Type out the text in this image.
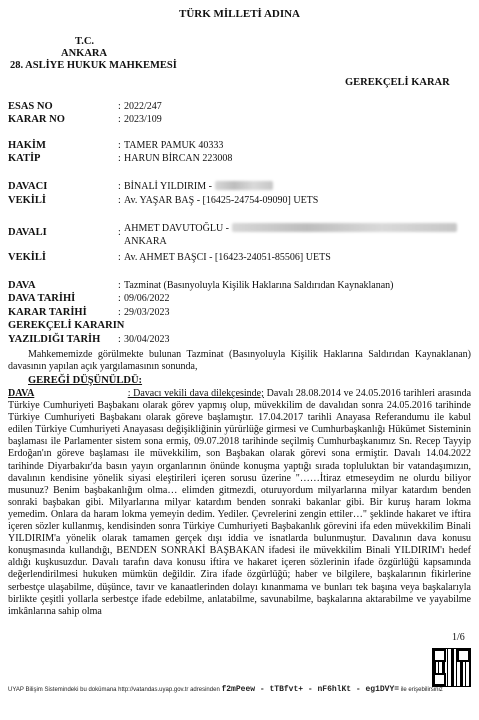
TÜRK MİLLETİ ADINA
T.C.
ANKARA
28. ASLİYE HUKUK MAHKEMESİ
GEREKÇELİ KARAR
ESAS NO	: 2022/247
KARAR NO	: 2023/109
HAKİM	: TAMER PAMUK 40333
KATİP	: HARUN BİRCAN 223008
DAVACI	: BİNALİ YILDIRIM -
VEKİLİ	: Av. YAŞAR BAŞ - [16425-24754-09090] UETS
DAVALI	: AHMET DAVUTOĞLU -
ANKARA
VEKİLİ	: Av. AHMET BAŞCI - [16423-24051-85506] UETS
DAVA	: Tazminat (Basınyoluyla Kişilik Haklarına Saldırıdan Kaynaklanan)
DAVA TARİHİ	: 09/06/2022
KARAR TARİHİ	: 29/03/2023
GEREKÇELİ KARARIN
YAZILDIĞI TARİH : 30/04/2023
Mahkememizde görülmekte bulunan Tazminat (Basınyoluyla Kişilik Haklarına Saldırıdan Kaynaklanan) davasının yapılan açık yargılamasının sonunda,
GEREĞİ DÜŞÜNÜLDÜ:
DAVA	: Davacı vekili dava dilekçesinde; Davalı 28.08.2014 ve 24.05.2016 tarihleri arasında Türkiye Cumhuriyeti Başbakanı olarak görev yapmış olup, müvekkilim de davalıdan sonra 24.05.2016 tarihinde Türkiye Cumhuriyeti Başbakanı olarak göreve başlamıştır. 17.04.2017 tarihli Anayasa Referandumu ile kabul edilen Türkiye Cumhuriyeti Anayasası değişikliğinin yürürlüğe girmesi ve Cumhurbaşkanlığı Hükümet Sisteminin başlaması ile Parlamenter sistem sona ermiş, 09.07.2018 tarihinde seçilmiş Cumhurbaşkanımız Sn. Recep Tayyip Erdoğan'ın göreve başlaması ile müvekkilim, son Başbakan olarak görevi sona ermiştir. Davalı 14.04.2022 tarihinde Diyarbakır'da basın yayın organlarının önünde konuşma yaptığı sırada topluluktan bir vatandaşımızın, davalının kendisine yönelik siyasi eleştirileri içeren sorusu üzerine "……İtiraz etmeseydim ne olurdu biliyor musunuz? Benim başbakanlığım olma… elimden gitmezdi, oturuyordum milyarlarına milyar katardım benden sonraki başbakan gibi. Milyarlarına milyar katardım benden sonraki bakanlar gibi. Bir kuruş haram lokma yemedim. Onlara da haram lokma yemeyin dedim. Yediler. Çevrelerini zengin ettiler…" şeklinde hakaret ve iftira içeren sözler kullanmış, kendisinden sonra Türkiye Cumhuriyeti Başbakanlık görevini ifa eden müvekkilim Binali YILDIRIM'a yönelik olarak tamamen gerçek dışı iddia ve isnatlarda bulunmuştur. Davalının dava konusu konuşmasında kullandığı, BENDEN SONRAKİ BAŞBAKAN ifadesi ile müvekkilim Binali YILDIRIM'ı hedef aldığı kuşkusuzdur. Davalı tarafın dava konusu iftira ve hakaret içeren sözlerinin ifade özgürlüğü kapsamında değerlendirilmesi hukuken mümkün değildir. Zira ifade özgürlüğü; haber ve bilgilere, başkalarının fikirlerine serbestçe ulaşabilme, düşünce, tavır ve kanaatlerinden dolayı kınanmama ve bunları tek başına veya başkalarıyla birlikte çeşitli yollarla serbestçe ifade edebilme, anlatabilme, savunabilme, başkalarına aktarabilme ve yayabilme imkânlarına sahip olma
1/6
UYAP Bilişim Sistemindeki bu dokümana http://vatandas.uyap.gov.tr adresinden f2mPeew - tTBfvt+ - nF6hlKt - eg1DVY= ile erişebilirsiniz
